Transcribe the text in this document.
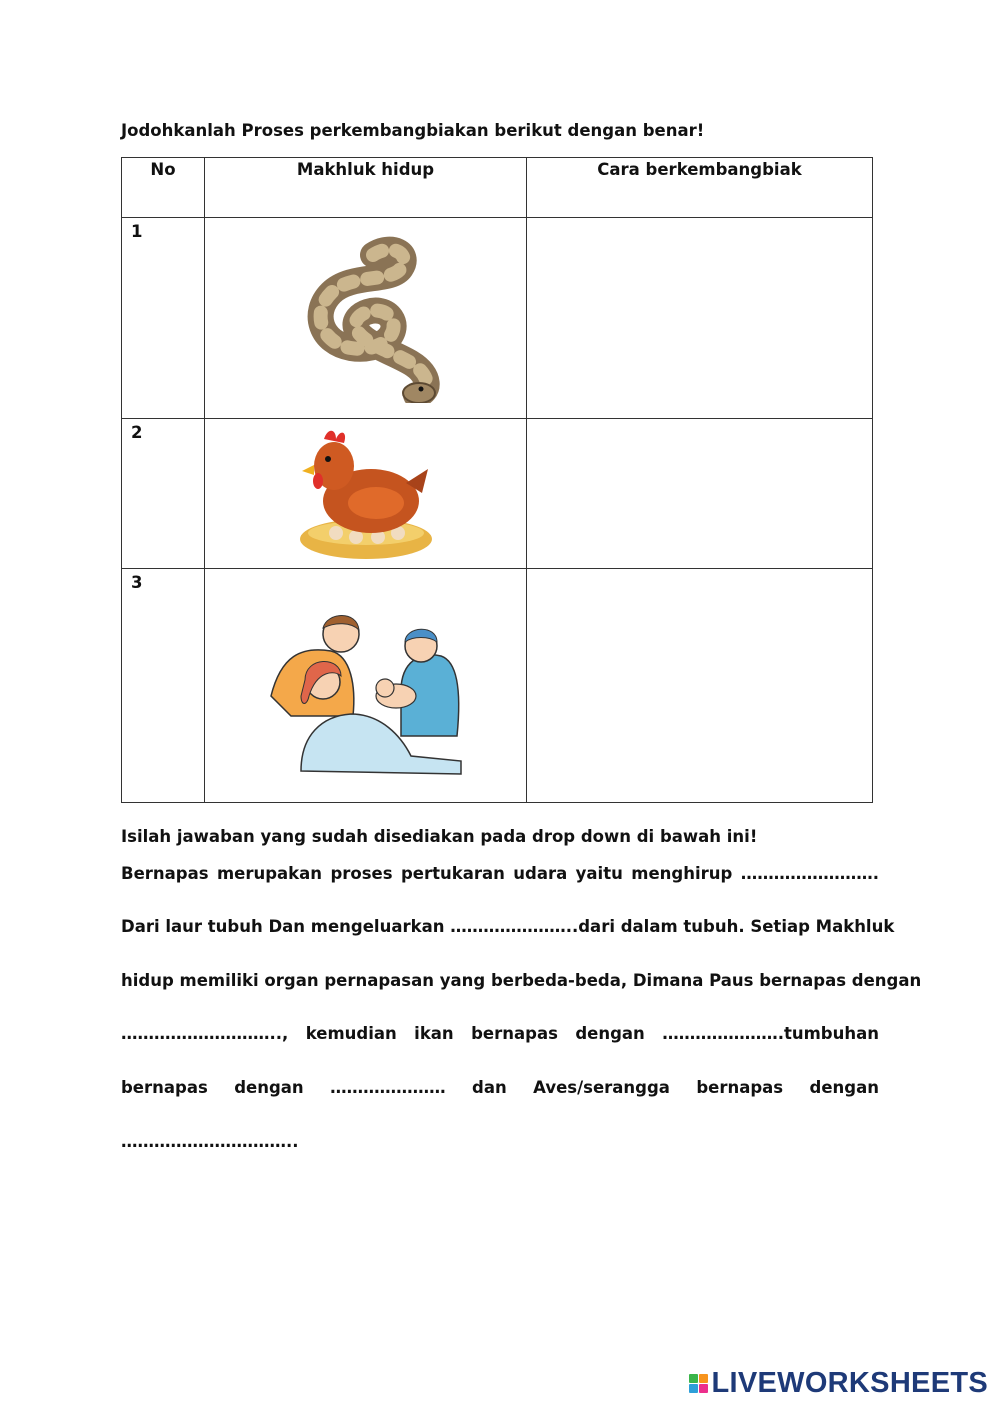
Jodohkanlah Proses perkembangbiakan berikut dengan benar!
No	Makhluk hidup	Cara berkembangbiak
1	

2	

3	

Isilah jawaban yang sudah disediakan pada drop down di bawah ini!
Bernapas merupakan proses pertukaran udara yaitu menghirup …………………….
Dari laur tubuh Dan mengeluarkan …………………..dari dalam tubuh. Setiap Makhluk
hidup memiliki organ pernapasan yang berbeda-beda, Dimana Paus bernapas dengan
……………………….., kemudian ikan bernapas dengan ………………….tumbuhan
bernapas dengan ………………… dan Aves/serangga bernapas dengan
…………………………..
LIVEWORKSHEETS
